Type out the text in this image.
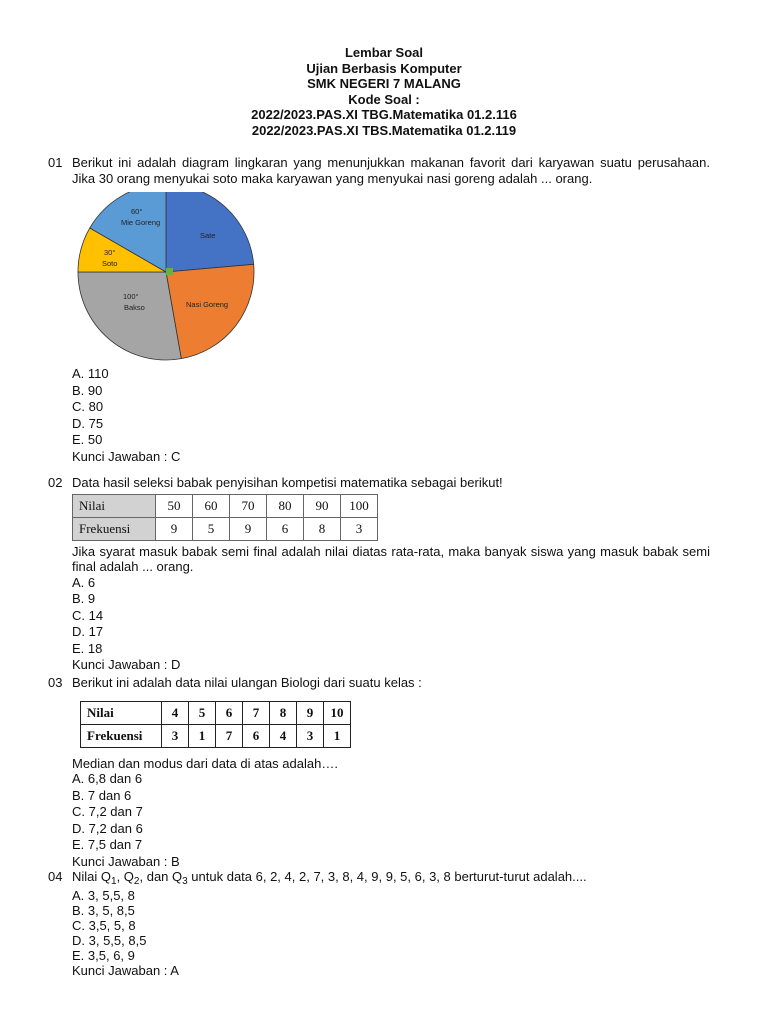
Lembar Soal
Ujian Berbasis Komputer
SMK NEGERI 7 MALANG
Kode Soal :
2022/2023.PAS.XI TBG.Matematika 01.2.116
2022/2023.PAS.XI TBS.Matematika 01.2.119
01 Berikut ini adalah diagram lingkaran yang menunjukkan makanan favorit dari karyawan suatu perusahaan. Jika 30 orang menyukai soto maka karyawan yang menyukai nasi goreng adalah ... orang.
Sate
Nasi Goreng
100°
Bakso
30°
Soto
60°
Mie Goreng
A. 110
B. 90
C. 80
D. 75
E. 50
Kunci Jawaban : C
02 Data hasil seleksi babak penyisihan kompetisi matematika sebagai berikut!
Nilai	50	60	70	80	90	100
Frekuensi	9	5	9	6	8	3
Jika syarat masuk babak semi final adalah nilai diatas rata-rata, maka banyak siswa yang masuk babak semi final adalah ... orang.
A. 6
B. 9
C. 14
D. 17
E. 18
Kunci Jawaban : D
03 Berikut ini adalah data nilai ulangan Biologi dari suatu kelas :
Nilai	4	5	6	7	8	9	10
Frekuensi	3	1	7	6	4	3	1
Median dan modus dari data di atas adalah….
A. 6,8 dan 6
B. 7 dan 6
C. 7,2 dan 7
D. 7,2 dan 6
E. 7,5 dan 7
Kunci Jawaban : B
04 Nilai $Q_1$, $Q_2$, dan $Q_3$ untuk data 6, 2, 4, 2, 7, 3, 8, 4, 9, 9, 5, 6, 3, 8 berturut-turut adalah....
A. 3, 5,5, 8
B. 3, 5, 8,5
C. 3,5, 5, 8
D. 3, 5,5, 8,5
E. 3,5, 6, 9
Kunci Jawaban : A
